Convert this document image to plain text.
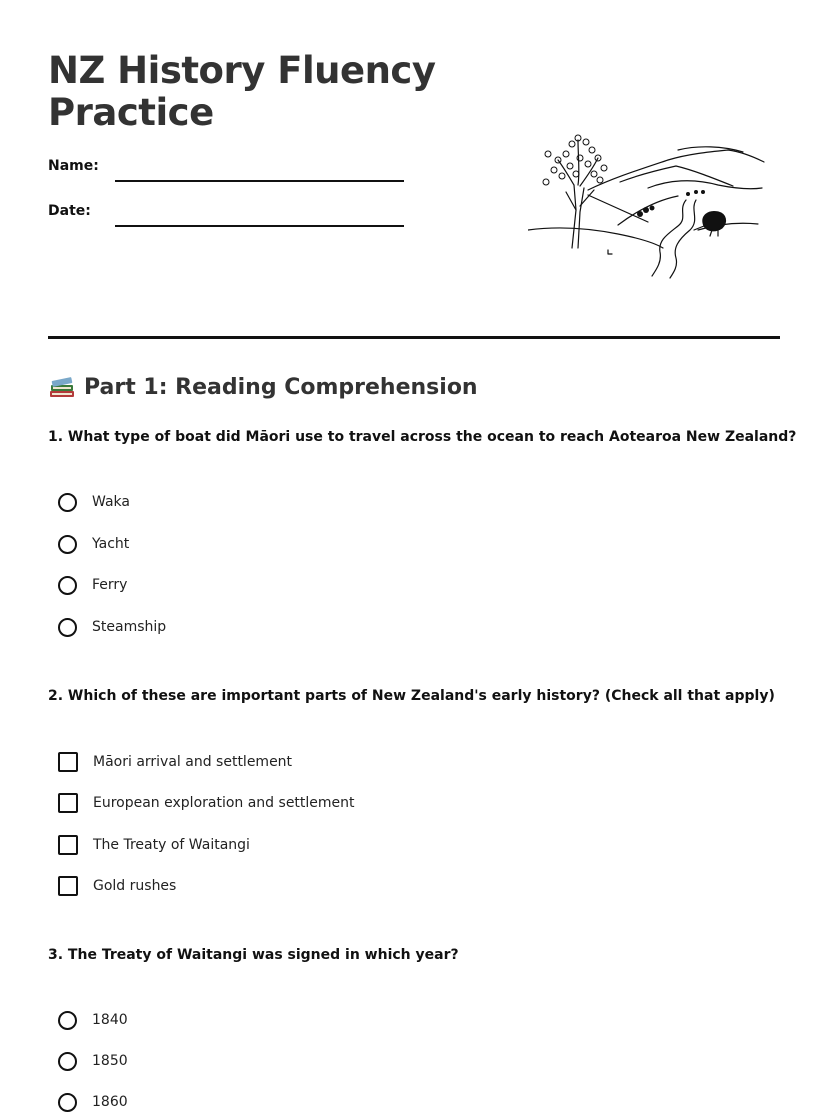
NZ History Fluency Practice
Name:
Date:
Part 1: Reading Comprehension

1. What type of boat did Māori use to travel across the ocean to reach Aotearoa New Zealand?

Waka
Yacht
Ferry
Steamship

2. Which of these are important parts of New Zealand's early history? (Check all that apply)

Māori arrival and settlement
European exploration and settlement
The Treaty of Waitangi
Gold rushes

3. The Treaty of Waitangi was signed in which year?

1840
1850
1860
